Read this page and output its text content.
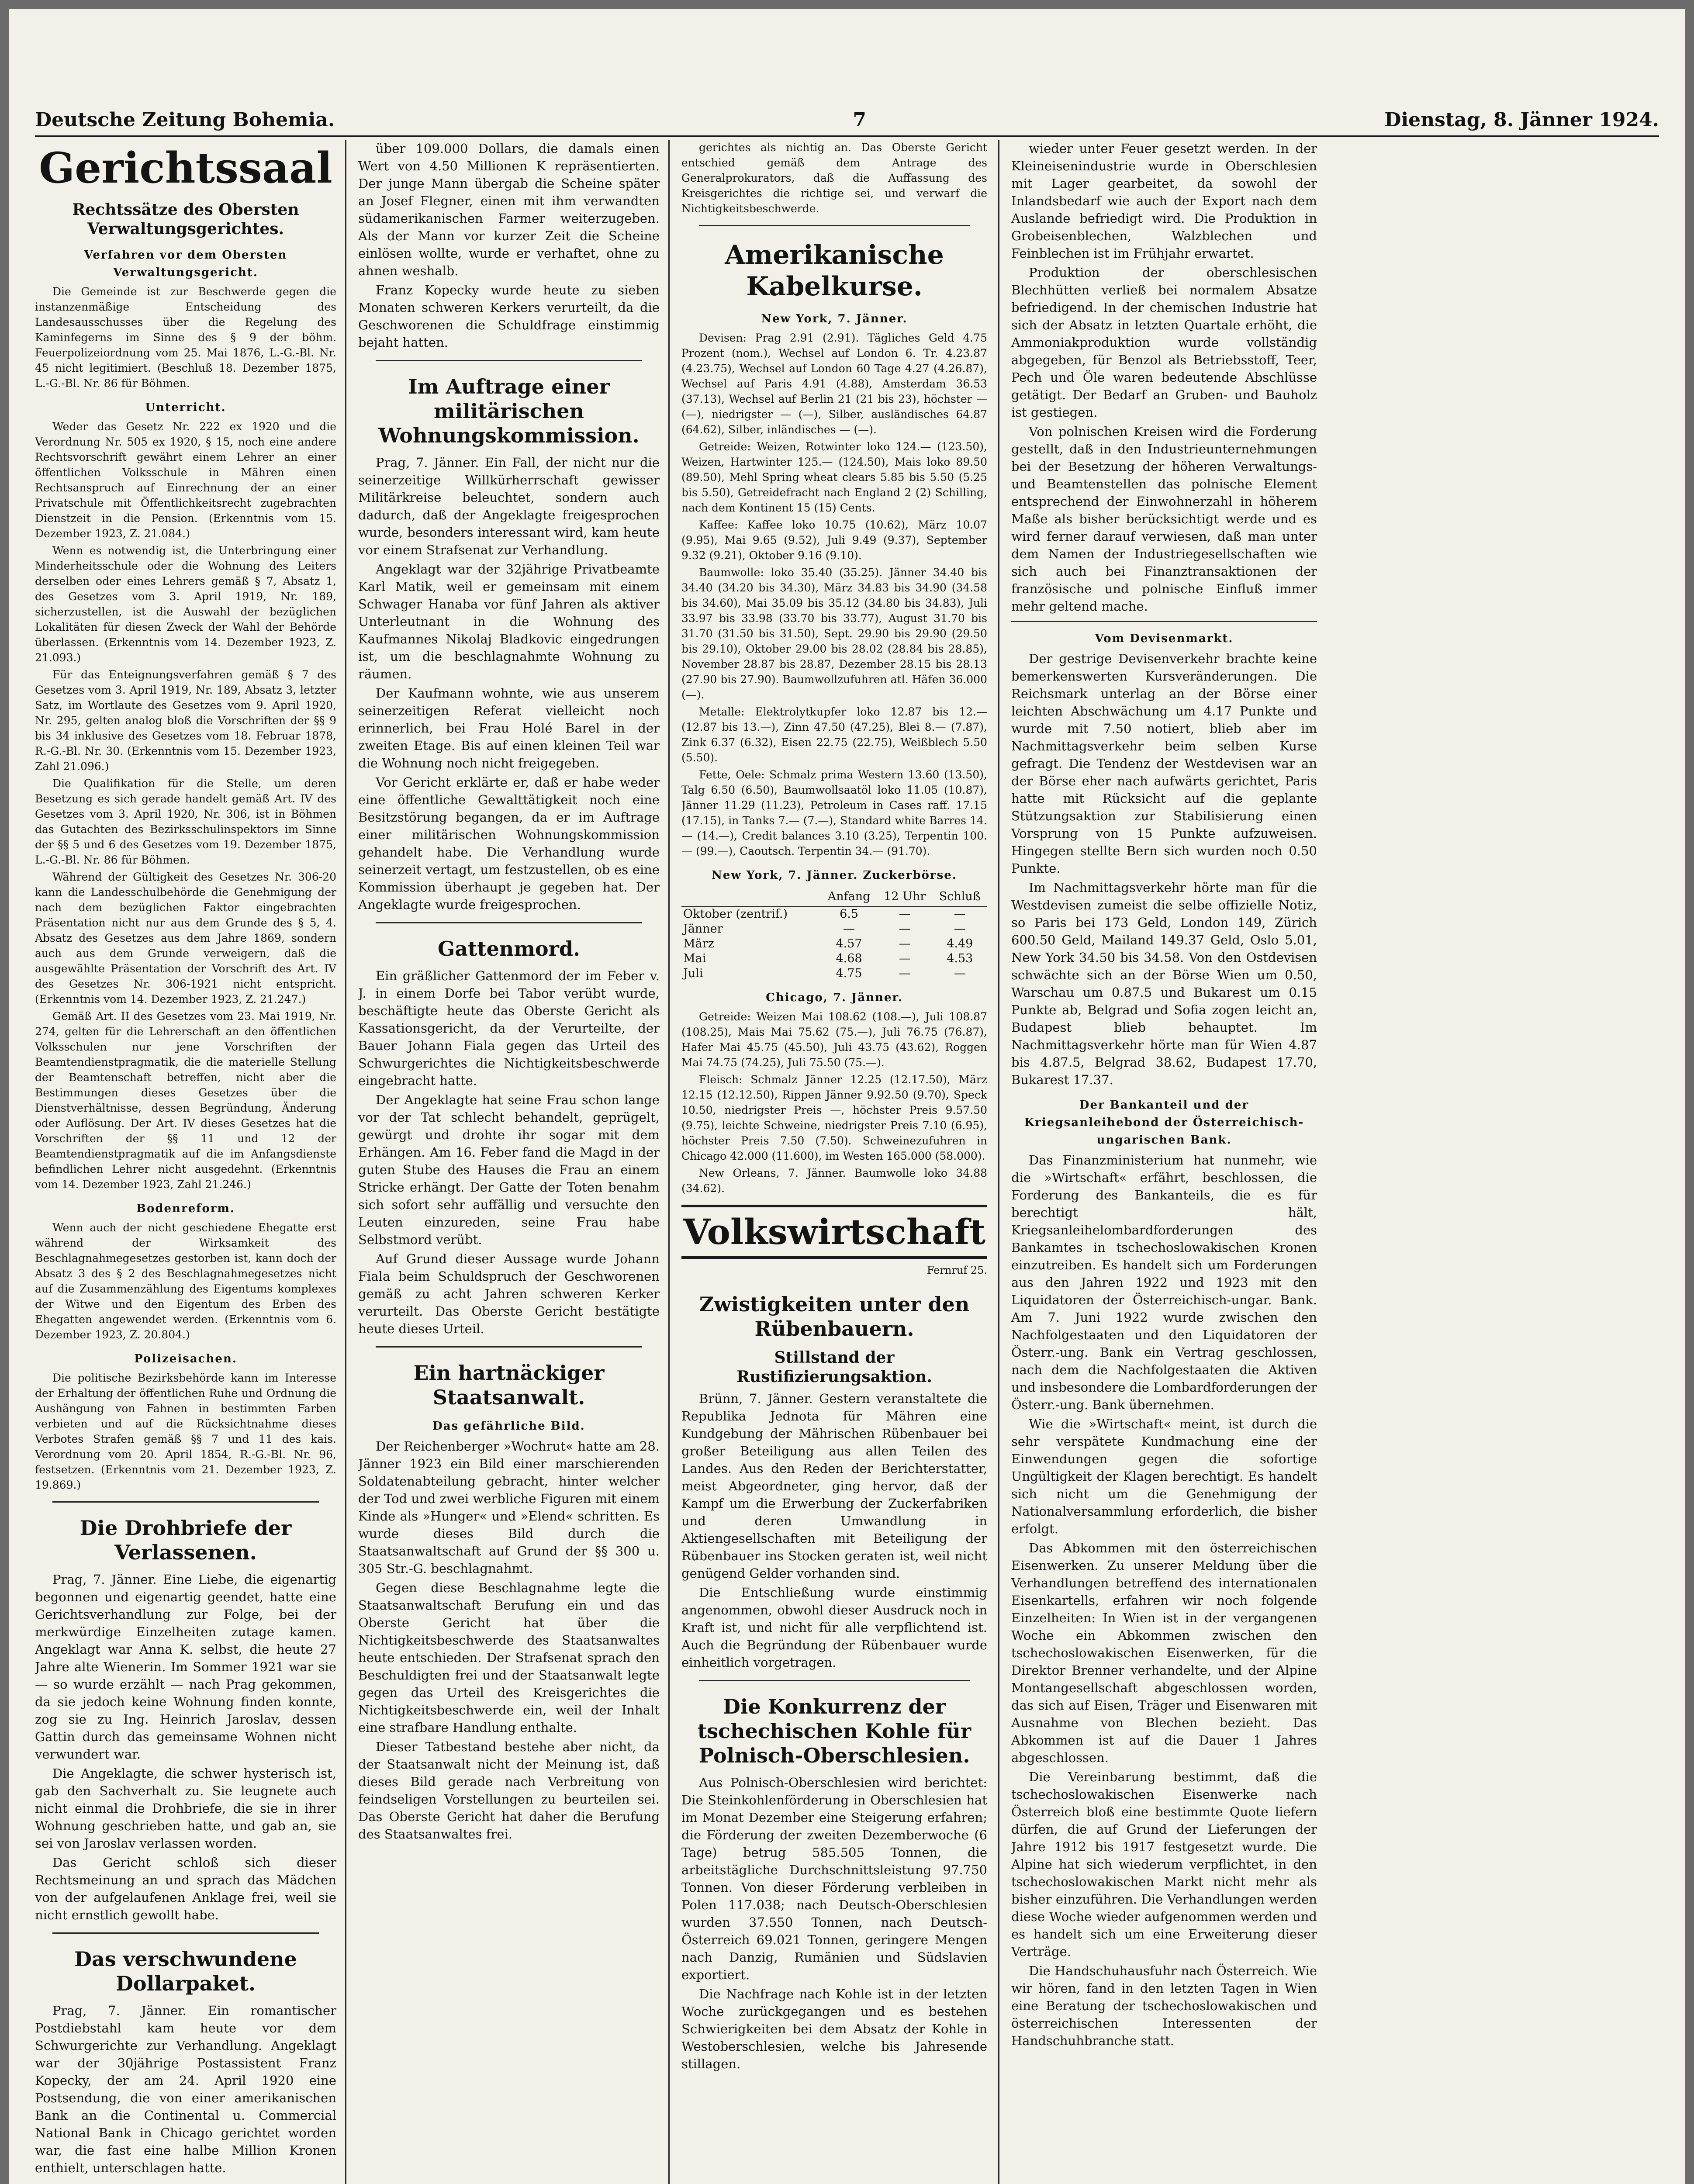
Deutsche Zeitung Bohemia.	7	Dienstag, 8. Jänner 1924.
Gerichtssaal
Rechtssätze des Obersten Verwaltungsgerichtes.
Verfahren vor dem Obersten Verwaltungsgericht.

Die Gemeinde ist zur Beschwerde gegen die instanzenmäßige Entscheidung des Landesausschusses über die Regelung des Kaminfegerns im Sinne des § 9 der böhm. Feuerpolizeiordnung vom 25. Mai 1876, L.-G.-Bl. Nr. 45 nicht legitimiert. (Beschluß 18. Dezember 1875, L.-G.-Bl. Nr. 86 für Böhmen.

Unterricht.

Weder das Gesetz Nr. 222 ex 1920 und die Verordnung Nr. 505 ex 1920, § 15, noch eine andere Rechtsvorschrift gewährt einem Lehrer an einer öffentlichen Volksschule in Mähren einen Rechtsanspruch auf Einrechnung der an einer Privatschule mit Öffentlichkeitsrecht zugebrachten Dienstzeit in die Pension. (Erkenntnis vom 15. Dezember 1923, Z. 21.084.)

Wenn es notwendig ist, die Unterbringung einer Minderheitsschule oder die Wohnung des Leiters derselben oder eines Lehrers gemäß § 7, Absatz 1, des Gesetzes vom 3. April 1919, Nr. 189, sicherzustellen, ist die Auswahl der bezüglichen Lokalitäten für diesen Zweck der Wahl der Behörde überlassen. (Erkenntnis vom 14. Dezember 1923, Z. 21.093.)

Für das Enteignungsverfahren gemäß § 7 des Gesetzes vom 3. April 1919, Nr. 189, Absatz 3, letzter Satz, im Wortlaute des Gesetzes vom 9. April 1920, Nr. 295, gelten analog bloß die Vorschriften der §§ 9 bis 34 inklusive des Gesetzes vom 18. Februar 1878, R.-G.-Bl. Nr. 30. (Erkenntnis vom 15. Dezember 1923, Zahl 21.096.)

Die Qualifikation für die Stelle, um deren Besetzung es sich gerade handelt gemäß Art. IV des Gesetzes vom 3. April 1920, Nr. 306, ist in Böhmen das Gutachten des Bezirksschulinspektors im Sinne der §§ 5 und 6 des Gesetzes vom 19. Dezember 1875, L.-G.-Bl. Nr. 86 für Böhmen.

Während der Gültigkeit des Gesetzes Nr. 306-20 kann die Landesschulbehörde die Genehmigung der nach dem bezüglichen Faktor eingebrachten Präsentation nicht nur aus dem Grunde des § 5, 4. Absatz des Gesetzes aus dem Jahre 1869, sondern auch aus dem Grunde verweigern, daß die ausgewählte Präsentation der Vorschrift des Art. IV des Gesetzes Nr. 306-1921 nicht entspricht. (Erkenntnis vom 14. Dezember 1923, Z. 21.247.)

Gemäß Art. II des Gesetzes vom 23. Mai 1919, Nr. 274, gelten für die Lehrerschaft an den öffentlichen Volksschulen nur jene Vorschriften der Beamtendienstpragmatik, die die materielle Stellung der Beamtenschaft betreffen, nicht aber die Bestimmungen dieses Gesetzes über die Dienstverhältnisse, dessen Begründung, Änderung oder Auflösung. Der Art. IV dieses Gesetzes hat die Vorschriften der §§ 11 und 12 der Beamtendienstpragmatik auf die im Anfangsdienste befindlichen Lehrer nicht ausgedehnt. (Erkenntnis vom 14. Dezember 1923, Zahl 21.246.)

Bodenreform.

Wenn auch der nicht geschiedene Ehegatte erst während der Wirksamkeit des Beschlagnahmegesetzes gestorben ist, kann doch der Absatz 3 des § 2 des Beschlagnahmegesetzes nicht auf die Zusammenzählung des Eigentums komplexes der Witwe und den Eigentum des Erben des Ehegatten angewendet werden. (Erkenntnis vom 6. Dezember 1923, Z. 20.804.)

Polizeisachen.

Die politische Bezirksbehörde kann im Interesse der Erhaltung der öffentlichen Ruhe und Ordnung die Aushängung von Fahnen in bestimmten Farben verbieten und auf die Rücksichtnahme dieses Verbotes Strafen gemäß §§ 7 und 11 des kais. Verordnung vom 20. April 1854, R.-G.-Bl. Nr. 96, festsetzen. (Erkenntnis vom 21. Dezember 1923, Z. 19.869.)

Die Drohbriefe der Verlassenen.

Prag, 7. Jänner. Eine Liebe, die eigenartig begonnen und eigenartig geendet, hatte eine Gerichtsverhandlung zur Folge, bei der merkwürdige Einzelheiten zutage kamen. Angeklagt war Anna K. selbst, die heute 27 Jahre alte Wienerin. Im Sommer 1921 war sie — so wurde erzählt — nach Prag gekommen, da sie jedoch keine Wohnung finden konnte, zog sie zu Ing. Heinrich Jaroslav, dessen Gattin durch das gemeinsame Wohnen nicht verwundert war.

Die Angeklagte, die schwer hysterisch ist, gab den Sachverhalt zu. Sie leugnete auch nicht einmal die Drohbriefe, die sie in ihrer Wohnung geschrieben hatte, und gab an, sie sei von Jaroslav verlassen worden.

Das Gericht schloß sich dieser Rechtsmeinung an und sprach das Mädchen von der aufgelaufenen Anklage frei, weil sie nicht ernstlich gewollt habe.

Das verschwundene Dollarpaket.

Prag, 7. Jänner. Ein romantischer Postdiebstahl kam heute vor dem Schwurgerichte zur Verhandlung. Angeklagt war der 30jährige Postassistent Franz Kopecky, der am 24. April 1920 eine Postsendung, die von einer amerikanischen Bank an die Continental u. Commercial National Bank in Chicago gerichtet worden war, die fast eine halbe Million Kronen enthielt, unterschlagen hatte.

über 109.000 Dollars, die damals einen Wert von 4.50 Millionen K repräsentierten. Der junge Mann übergab die Scheine später an Josef Flegner, einen mit ihm verwandten südamerikanischen Farmer weiterzugeben. Als der Mann vor kurzer Zeit die Scheine einlösen wollte, wurde er verhaftet, ohne zu ahnen weshalb.

Franz Kopecky wurde heute zu sieben Monaten schweren Kerkers verurteilt, da die Geschworenen die Schuldfrage einstimmig bejaht hatten.

Im Auftrage einer militärischen Wohnungskommission.

Prag, 7. Jänner. Ein Fall, der nicht nur die seinerzeitige Willkürherrschaft gewisser Militärkreise beleuchtet, sondern auch dadurch, daß der Angeklagte freigesprochen wurde, besonders interessant wird, kam heute vor einem Strafsenat zur Verhandlung.

Angeklagt war der 32jährige Privatbeamte Karl Matik, weil er gemeinsam mit einem Schwager Hanaba vor fünf Jahren als aktiver Unterleutnant in die Wohnung des Kaufmannes Nikolaj Bladkovic eingedrungen ist, um die beschlagnahmte Wohnung zu räumen.

Der Kaufmann wohnte, wie aus unserem seinerzeitigen Referat vielleicht noch erinnerlich, bei Frau Holé Barel in der zweiten Etage. Bis auf einen kleinen Teil war die Wohnung noch nicht freigegeben.

Vor Gericht erklärte er, daß er habe weder eine öffentliche Gewalttätigkeit noch eine Besitzstörung begangen, da er im Auftrage einer militärischen Wohnungskommission gehandelt habe. Die Verhandlung wurde seinerzeit vertagt, um festzustellen, ob es eine Kommission überhaupt je gegeben hat. Der Angeklagte wurde freigesprochen.

Gattenmord.

Ein gräßlicher Gattenmord der im Feber v. J. in einem Dorfe bei Tabor verübt wurde, beschäftigte heute das Oberste Gericht als Kassationsgericht, da der Verurteilte, der Bauer Johann Fiala gegen das Urteil des Schwurgerichtes die Nichtigkeitsbeschwerde eingebracht hatte.

Der Angeklagte hat seine Frau schon lange vor der Tat schlecht behandelt, geprügelt, gewürgt und drohte ihr sogar mit dem Erhängen. Am 16. Feber fand die Magd in der guten Stube des Hauses die Frau an einem Stricke erhängt. Der Gatte der Toten benahm sich sofort sehr auffällig und versuchte den Leuten einzureden, seine Frau habe Selbstmord verübt.

Auf Grund dieser Aussage wurde Johann Fiala beim Schuldspruch der Geschworenen gemäß zu acht Jahren schweren Kerker verurteilt. Das Oberste Gericht bestätigte heute dieses Urteil.

Ein hartnäckiger Staatsanwalt.
Das gefährliche Bild.

Der Reichenberger »Wochrut« hatte am 28. Jänner 1923 ein Bild einer marschierenden Soldatenabteilung gebracht, hinter welcher der Tod und zwei werbliche Figuren mit einem Kinde als »Hunger« und »Elend« schritten. Es wurde dieses Bild durch die Staatsanwaltschaft auf Grund der §§ 300 u. 305 Str.-G. beschlagnahmt.

Gegen diese Beschlagnahme legte die Staatsanwaltschaft Berufung ein und das Oberste Gericht hat über die Nichtigkeitsbeschwerde des Staatsanwaltes heute entschieden. Der Strafsenat sprach den Beschuldigten frei und der Staatsanwalt legte gegen das Urteil des Kreisgerichtes die Nichtigkeitsbeschwerde ein, weil der Inhalt eine strafbare Handlung enthalte.

Dieser Tatbestand bestehe aber nicht, da der Staatsanwalt nicht der Meinung ist, daß dieses Bild gerade nach Verbreitung von feindseligen Vorstellungen zu beurteilen sei. Das Oberste Gericht hat daher die Berufung des Staatsanwaltes frei.

gerichtes als nichtig an. Das Oberste Gericht entschied gemäß dem Antrage des Generalprokurators, daß die Auffassung des Kreisgerichtes die richtige sei, und verwarf die Nichtigkeitsbeschwerde.

Amerikanische Kabelkurse.
New York, 7. Jänner.

Devisen: Prag 2.91 (2.91). Tägliches Geld 4.75 Prozent (nom.), Wechsel auf London 6. Tr. 4.23.87 (4.23.75), Wechsel auf London 60 Tage 4.27 (4.26.87), Wechsel auf Paris 4.91 (4.88), Amsterdam 36.53 (37.13), Wechsel auf Berlin 21 (21 bis 23), höchster — (—), niedrigster — (—), Silber, ausländisches 64.87 (64.62), Silber, inländisches — (—).

Getreide: Weizen, Rotwinter loko 124.— (123.50), Weizen, Hartwinter 125.— (124.50), Mais loko 89.50 (89.50), Mehl Spring wheat clears 5.85 bis 5.50 (5.25 bis 5.50), Getreidefracht nach England 2 (2) Schilling, nach dem Kontinent 15 (15) Cents.

Kaffee: Kaffee loko 10.75 (10.62), März 10.07 (9.95), Mai 9.65 (9.52), Juli 9.49 (9.37), September 9.32 (9.21), Oktober 9.16 (9.10).

Baumwolle: loko 35.40 (35.25). Jänner 34.40 bis 34.40 (34.20 bis 34.30), März 34.83 bis 34.90 (34.58 bis 34.60), Mai 35.09 bis 35.12 (34.80 bis 34.83), Juli 33.97 bis 33.98 (33.70 bis 33.77), August 31.70 bis 31.70 (31.50 bis 31.50), Sept. 29.90 bis 29.90 (29.50 bis 29.10), Oktober 29.00 bis 28.02 (28.84 bis 28.85), November 28.87 bis 28.87, Dezember 28.15 bis 28.13 (27.90 bis 27.90). Baumwollzufuhren atl. Häfen 36.000 (—).

Metalle: Elektrolytkupfer loko 12.87 bis 12.— (12.87 bis 13.—), Zinn 47.50 (47.25), Blei 8.— (7.87), Zink 6.37 (6.32), Eisen 22.75 (22.75), Weißblech 5.50 (5.50).

Fette, Oele: Schmalz prima Western 13.60 (13.50), Talg 6.50 (6.50), Baumwollsaatöl loko 11.05 (10.87), Jänner 11.29 (11.23), Petroleum in Cases raff. 17.15 (17.15), in Tanks 7.— (7.—), Standard white Barres 14.— (14.—), Credit balances 3.10 (3.25), Terpentin 100.— (99.—), Caoutsch. Terpentin 34.— (91.70).

New York, 7. Jänner. Zuckerbörse.
	Anfang	12 Uhr	Schluß
Oktober (zentrif.)	6.5	—	—
Jänner	—	—	—
März	4.57	—	4.49
Mai	4.68	—	4.53
Juli	4.75	—	—
Chicago, 7. Jänner.

Getreide: Weizen Mai 108.62 (108.—), Juli 108.87 (108.25), Mais Mai 75.62 (75.—), Juli 76.75 (76.87), Hafer Mai 45.75 (45.50), Juli 43.75 (43.62), Roggen Mai 74.75 (74.25), Juli 75.50 (75.—).

Fleisch: Schmalz Jänner 12.25 (12.17.50), März 12.15 (12.12.50), Rippen Jänner 9.92.50 (9.70), Speck 10.50, niedrigster Preis —, höchster Preis 9.57.50 (9.75), leichte Schweine, niedrigster Preis 7.10 (6.95), höchster Preis 7.50 (7.50). Schweinezufuhren in Chicago 42.000 (11.600), im Westen 165.000 (58.000).

New Orleans, 7. Jänner. Baumwolle loko 34.88 (34.62).

Volkswirtschaft
Fernruf 25.
Zwistigkeiten unter den Rübenbauern.
Stillstand der Rustifizierungsaktion.

Brünn, 7. Jänner. Gestern veranstaltete die Republika Jednota für Mähren eine Kundgebung der Mährischen Rübenbauer bei großer Beteiligung aus allen Teilen des Landes. Aus den Reden der Berichterstatter, meist Abgeordneter, ging hervor, daß der Kampf um die Erwerbung der Zuckerfabriken und deren Umwandlung in Aktiengesellschaften mit Beteiligung der Rübenbauer ins Stocken geraten ist, weil nicht genügend Gelder vorhanden sind.

Die Entschließung wurde einstimmig angenommen, obwohl dieser Ausdruck noch in Kraft ist, und nicht für alle verpflichtend ist. Auch die Begründung der Rübenbauer wurde einheitlich vorgetragen.

Die Konkurrenz der tschechischen Kohle für Polnisch-Oberschlesien.

Aus Polnisch-Oberschlesien wird berichtet: Die Steinkohlenförderung in Oberschlesien hat im Monat Dezember eine Steigerung erfahren; die Förderung der zweiten Dezemberwoche (6 Tage) betrug 585.505 Tonnen, die arbeitstägliche Durchschnittsleistung 97.750 Tonnen. Von dieser Förderung verbleiben in Polen 117.038; nach Deutsch-Oberschlesien wurden 37.550 Tonnen, nach Deutsch-Österreich 69.021 Tonnen, geringere Mengen nach Danzig, Rumänien und Südslavien exportiert.

Die Nachfrage nach Kohle ist in der letzten Woche zurückgegangen und es bestehen Schwierigkeiten bei dem Absatz der Kohle in Westoberschlesien, welche bis Jahresende stillagen.

wieder unter Feuer gesetzt werden. In der Kleineisenindustrie wurde in Oberschlesien mit Lager gearbeitet, da sowohl der Inlandsbedarf wie auch der Export nach dem Auslande befriedigt wird. Die Produktion in Grobeisenblechen, Walzblechen und Feinblechen ist im Frühjahr erwartet.

Produktion der oberschlesischen Blechhütten verließ bei normalem Absatze befriedigend. In der chemischen Industrie hat sich der Absatz in letzten Quartale erhöht, die Ammoniakproduktion wurde vollständig abgegeben, für Benzol als Betriebsstoff, Teer, Pech und Öle waren bedeutende Abschlüsse getätigt. Der Bedarf an Gruben- und Bauholz ist gestiegen.

Von polnischen Kreisen wird die Forderung gestellt, daß in den Industrieunternehmungen bei der Besetzung der höheren Verwaltungs- und Beamtenstellen das polnische Element entsprechend der Einwohnerzahl in höherem Maße als bisher berücksichtigt werde und es wird ferner darauf verwiesen, daß man unter dem Namen der Industriegesellschaften wie sich auch bei Finanztransaktionen der französische und polnische Einfluß immer mehr geltend mache.

Vom Devisenmarkt.

Der gestrige Devisenverkehr brachte keine bemerkenswerten Kursveränderungen. Die Reichsmark unterlag an der Börse einer leichten Abschwächung um 4.17 Punkte und wurde mit 7.50 notiert, blieb aber im Nachmittagsverkehr beim selben Kurse gefragt. Die Tendenz der Westdevisen war an der Börse eher nach aufwärts gerichtet, Paris hatte mit Rücksicht auf die geplante Stützungsaktion zur Stabilisierung einen Vorsprung von 15 Punkte aufzuweisen. Hingegen stellte Bern sich wurden noch 0.50 Punkte.

Im Nachmittagsverkehr hörte man für die Westdevisen zumeist die selbe offizielle Notiz, so Paris bei 173 Geld, London 149, Zürich 600.50 Geld, Mailand 149.37 Geld, Oslo 5.01, New York 34.50 bis 34.58. Von den Ostdevisen schwächte sich an der Börse Wien um 0.50, Warschau um 0.87.5 und Bukarest um 0.15 Punkte ab, Belgrad und Sofia zogen leicht an, Budapest blieb behauptet. Im Nachmittagsverkehr hörte man für Wien 4.87 bis 4.87.5, Belgrad 38.62, Budapest 17.70, Bukarest 17.37.

Der Bankanteil und der Kriegsanleihebond der Österreichisch-ungarischen Bank.

Das Finanzministerium hat nunmehr, wie die »Wirtschaft« erfährt, beschlossen, die Forderung des Bankanteils, die es für berechtigt hält, Kriegsanleihelombardforderungen des Bankamtes in tschechoslowakischen Kronen einzutreiben. Es handelt sich um Forderungen aus den Jahren 1922 und 1923 mit den Liquidatoren der Österreichisch-ungar. Bank. Am 7. Juni 1922 wurde zwischen den Nachfolgestaaten und den Liquidatoren der Österr.-ung. Bank ein Vertrag geschlossen, nach dem die Nachfolgestaaten die Aktiven und insbesondere die Lombardforderungen der Österr.-ung. Bank übernehmen.

Wie die »Wirtschaft« meint, ist durch die sehr verspätete Kundmachung eine der Einwendungen gegen die sofortige Ungültigkeit der Klagen berechtigt. Es handelt sich nicht um die Genehmigung der Nationalversammlung erforderlich, die bisher erfolgt.

Das Abkommen mit den österreichischen Eisenwerken. Zu unserer Meldung über die Verhandlungen betreffend des internationalen Eisenkartells, erfahren wir noch folgende Einzelheiten: In Wien ist in der vergangenen Woche ein Abkommen zwischen den tschechoslowakischen Eisenwerken, für die Direktor Brenner verhandelte, und der Alpine Montangesellschaft abgeschlossen worden, das sich auf Eisen, Träger und Eisenwaren mit Ausnahme von Blechen bezieht. Das Abkommen ist auf die Dauer 1 Jahres abgeschlossen.

Die Vereinbarung bestimmt, daß die tschechoslowakischen Eisenwerke nach Österreich bloß eine bestimmte Quote liefern dürfen, die auf Grund der Lieferungen der Jahre 1912 bis 1917 festgesetzt wurde. Die Alpine hat sich wiederum verpflichtet, in den tschechoslowakischen Markt nicht mehr als bisher einzuführen. Die Verhandlungen werden diese Woche wieder aufgenommen werden und es handelt sich um eine Erweiterung dieser Verträge.

Die Handschuhausfuhr nach Österreich. Wie wir hören, fand in den letzten Tagen in Wien eine Beratung der tschechoslowakischen und österreichischen Interessenten der Handschuhbranche statt.
